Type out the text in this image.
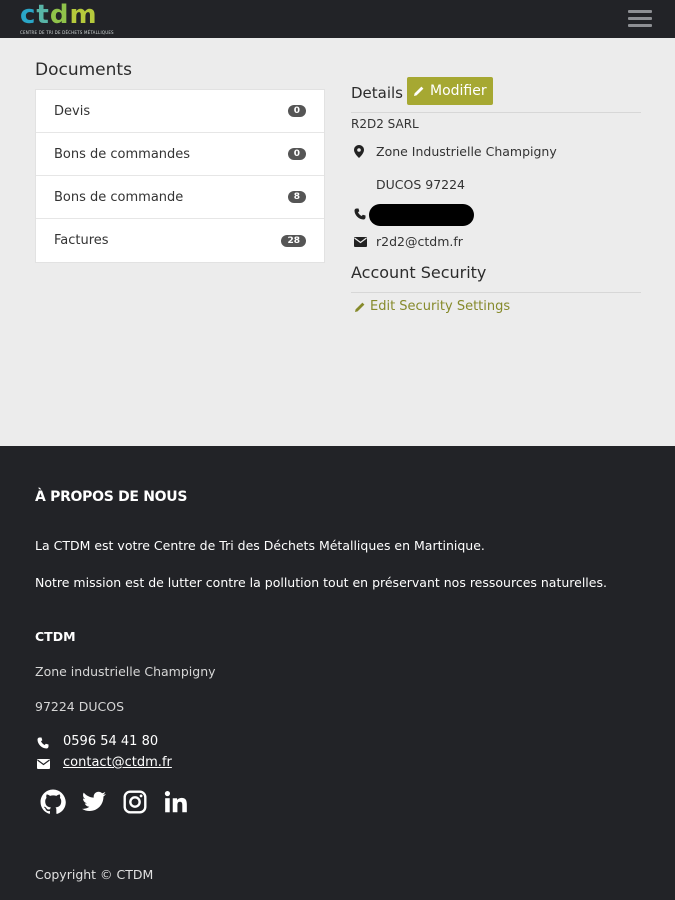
ctdm
CENTRE DE TRI DE DÉCHETS MÉTALLIQUES
Documents
Devis	0
Bons de commandes	0
Bons de commande	8
Factures	28
Details Modifier
R2D2 SARL
Zone Industrielle Champigny
DUCOS 97224
r2d2@ctdm.fr
Account Security
Edit Security Settings
À PROPOS DE NOUS
La CTDM est votre Centre de Tri des Déchets Métalliques en Martinique.
Notre mission est de lutter contre la pollution tout en préservant nos ressources naturelles.
CTDM
Zone industrielle Champigny
97224 DUCOS
0596 54 41 80
contact@ctdm.fr
Copyright © CTDM
